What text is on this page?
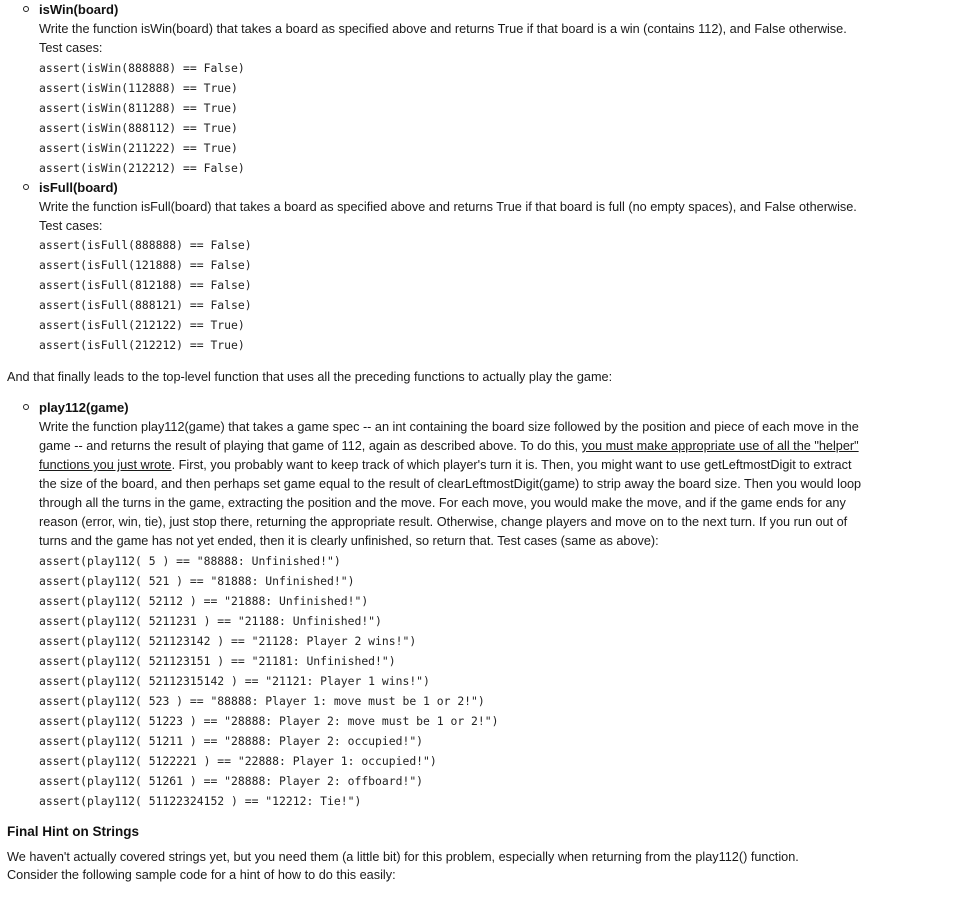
isWin(board)
Write the function isWin(board) that takes a board as specified above and returns True if that board is a win (contains 112), and False otherwise.
Test cases:
assert(isWin(888888) == False)
assert(isWin(112888) == True)
assert(isWin(811288) == True)
assert(isWin(888112) == True)
assert(isWin(211222) == True)
assert(isWin(212212) == False)
isFull(board)
Write the function isFull(board) that takes a board as specified above and returns True if that board is full (no empty spaces), and False otherwise.
Test cases:
assert(isFull(888888) == False)
assert(isFull(121888) == False)
assert(isFull(812188) == False)
assert(isFull(888121) == False)
assert(isFull(212122) == True)
assert(isFull(212212) == True)
And that finally leads to the top-level function that uses all the preceding functions to actually play the game:
play112(game)
Write the function play112(game) that takes a game spec -- an int containing the board size followed by the position and piece of each move in the game -- and returns the result of playing that game of 112, again as described above. To do this, you must make appropriate use of all the "helper" functions you just wrote. First, you probably want to keep track of which player's turn it is. Then, you might want to use getLeftmostDigit to extract the size of the board, and then perhaps set game equal to the result of clearLeftmostDigit(game) to strip away the board size. Then you would loop through all the turns in the game, extracting the position and the move. For each move, you would make the move, and if the game ends for any reason (error, win, tie), just stop there, returning the appropriate result. Otherwise, change players and move on to the next turn. If you run out of turns and the game has not yet ended, then it is clearly unfinished, so return that. Test cases (same as above):
assert(play112( 5 ) == "88888: Unfinished!")
assert(play112( 521 ) == "81888: Unfinished!")
assert(play112( 52112 ) == "21888: Unfinished!")
assert(play112( 5211231 ) == "21188: Unfinished!")
assert(play112( 521123142 ) == "21128: Player 2 wins!")
assert(play112( 521123151 ) == "21181: Unfinished!")
assert(play112( 52112315142 ) == "21121: Player 1 wins!")
assert(play112( 523 ) == "88888: Player 1: move must be 1 or 2!")
assert(play112( 51223 ) == "28888: Player 2: move must be 1 or 2!")
assert(play112( 51211 ) == "28888: Player 2: occupied!")
assert(play112( 5122221 ) == "22888: Player 1: occupied!")
assert(play112( 51261 ) == "28888: Player 2: offboard!")
assert(play112( 51122324152 ) == "12212: Tie!")
Final Hint on Strings
We haven't actually covered strings yet, but you need them (a little bit) for this problem, especially when returning from the play112() function.
Consider the following sample code for a hint of how to do this easily:
